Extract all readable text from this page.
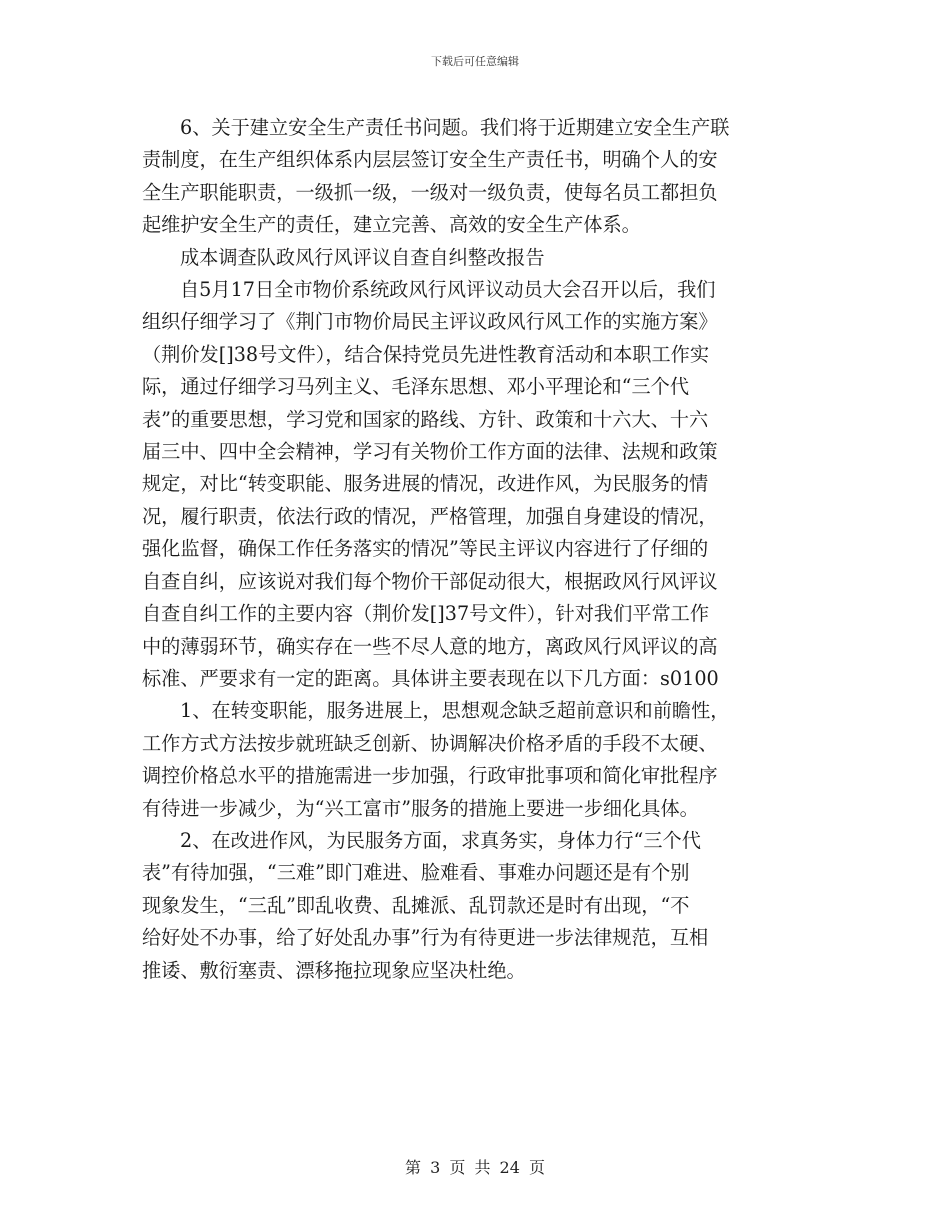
下载后可任意编辑

6、关于建立安全生产责任书问题。我们将于近期建立安全生产联
责制度，在生产组织体系内层层签订安全生产责任书，明确个人的安
全生产职能职责，一级抓一级，一级对一级负责，使每名员工都担负
起维护安全生产的责任，建立完善、高效的安全生产体系。

成本调查队政风行风评议自查自纠整改报告

自5月17日全市物价系统政风行风评议动员大会召开以后，我们
组织仔细学习了《荆门市物价局民主评议政风行风工作的实施方案》
（荆价发[]38号文件），结合保持党员先进性教育活动和本职工作实
际，通过仔细学习马列主义、毛泽东思想、邓小平理论和“三个代
表”的重要思想，学习党和国家的路线、方针、政策和十六大、十六
届三中、四中全会精神，学习有关物价工作方面的法律、法规和政策
规定，对比“转变职能、服务进展的情况，改进作风，为民服务的情
况，履行职责，依法行政的情况，严格管理，加强自身建设的情况，
强化监督，确保工作任务落实的情况”等民主评议内容进行了仔细的
自查自纠，应该说对我们每个物价干部促动很大，根据政风行风评议
自查自纠工作的主要内容（荆价发[]37号文件），针对我们平常工作
中的薄弱环节，确实存在一些不尽人意的地方，离政风行风评议的高
标准、严要求有一定的距离。具体讲主要表现在以下几方面：s0100

1、在转变职能，服务进展上，思想观念缺乏超前意识和前瞻性，
工作方式方法按步就班缺乏创新、协调解决价格矛盾的手段不太硬、
调控价格总水平的措施需进一步加强，行政审批事项和简化审批程序
有待进一步减少，为“兴工富市”服务的措施上要进一步细化具体。

2、在改进作风，为民服务方面，求真务实，身体力行“三个代
表”有待加强，“三难”即门难进、脸难看、事难办问题还是有个别
现象发生，“三乱”即乱收费、乱摊派、乱罚款还是时有出现，“不
给好处不办事，给了好处乱办事”行为有待更进一步法律规范，互相
推诿、敷衍塞责、漂移拖拉现象应坚决杜绝。

第 3 页 共 24 页
